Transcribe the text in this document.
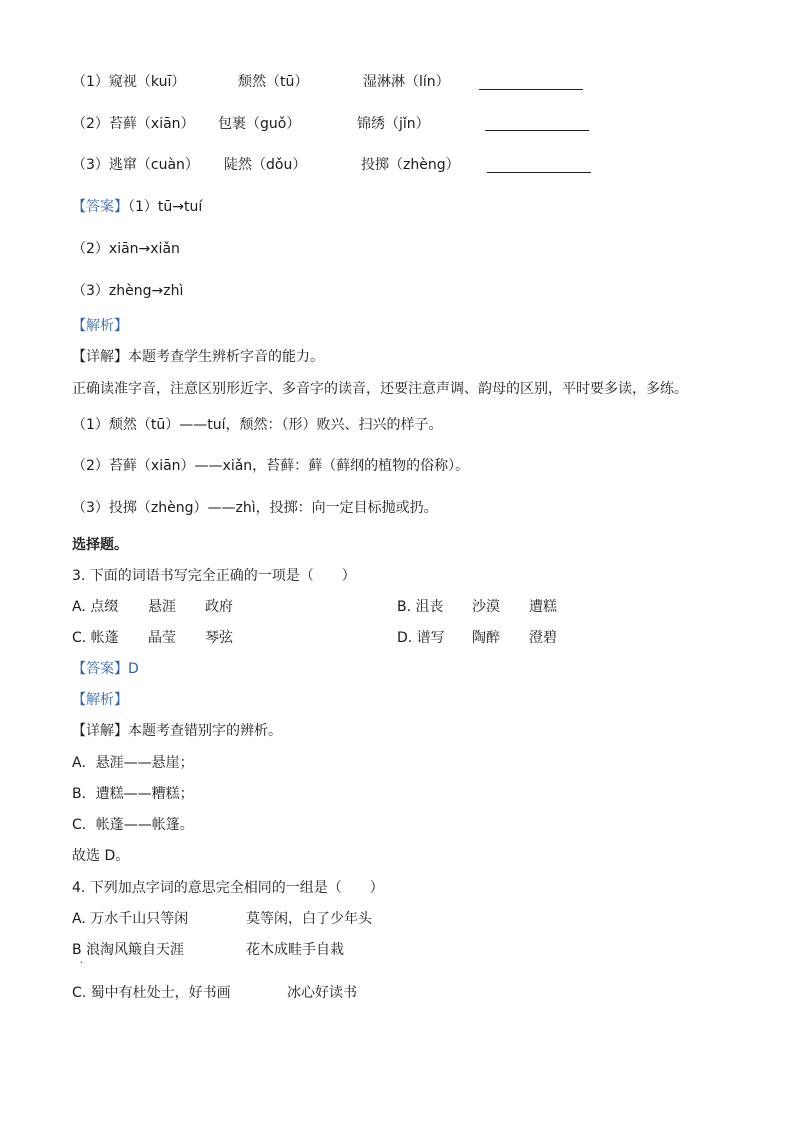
（1）窥视（kuī）	颓然（tū）	湿淋淋（lín）
（2）苔藓（xiān） 包裹（guǒ）	锦绣（jǐn）
（3）逃窜（cuàn） 陡然（dǒu）	投掷（zhèng）
【答案】（1）tū→tuí
（2）xiān→xiǎn
（3）zhèng→zhì
【解析】
【详解】本题考查学生辨析字音的能力。
正确读准字音，注意区别形近字、多音字的读音，还要注意声调、韵母的区别，平时要多读，多练。
（1）颓然（tū）——tuí，颓然：（形）败兴、扫兴的样子。
（2）苔藓（xiān）——xiǎn，苔藓：藓（藓纲的植物的俗称）。
（3）投掷（zhèng）——zhì，投掷：向一定目标抛或扔。
选择题。
3. 下面的词语书写完全正确的一项是（　　）
A. 点缀 悬涯 政府	B. 沮丧 沙漠 遭糕
C. 帐蓬 晶莹 琴弦	D. 谱写 陶醉 澄碧
【答案】D
【解析】
【详解】本题考查错别字的辨析。
A．悬涯——悬崖；
B．遭糕——糟糕；
C．帐蓬——帐篷。
故选 D。
4. 下列加点字词的意思完全相同的一组是（　　）
A. 万水千山只等闲	莫等闲，白了少年头
B 浪淘风簸自天涯	花木成畦手自栽
·
C. 蜀中有杜处士，好书画	冰心好读书
